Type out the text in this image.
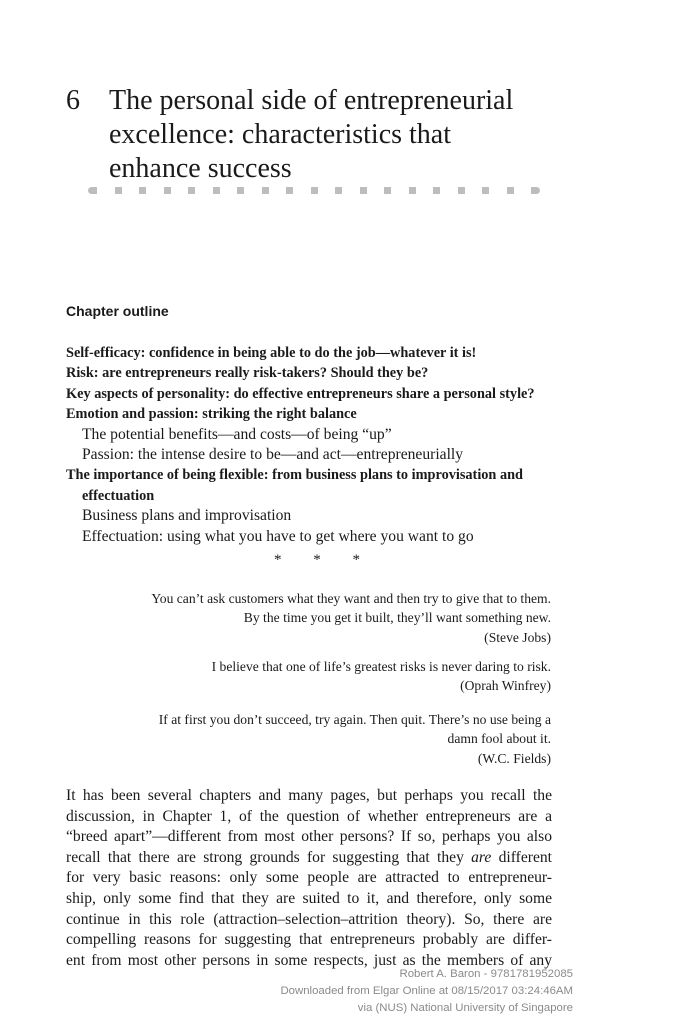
6 The personal side of entrepreneurial
excellence: characteristics that
enhance success
Chapter outline
Self-efficacy: confidence in being able to do the job—whatever it is!
Risk: are entrepreneurs really risk-takers? Should they be?
Key aspects of personality: do effective entrepreneurs share a personal style?
Emotion and passion: striking the right balance
The potential benefits—and costs—of being “up”
Passion: the intense desire to be—and act—entrepreneurially
The importance of being flexible: from business plans to improvisation and
effectuation
Business plans and improvisation
Effectuation: using what you have to get where you want to go
* * *
You can’t ask customers what they want and then try to give that to them.
By the time you get it built, they’ll want something new.
(Steve Jobs)
I believe that one of life’s greatest risks is never daring to risk.
(Oprah Winfrey)
If at first you don’t succeed, try again. Then quit. There’s no use being a
damn fool about it.
(W.C. Fields)
It has been several chapters and many pages, but perhaps you recall the
discussion, in Chapter 1, of the question of whether entrepreneurs are a
“breed apart”—different from most other persons? If so, perhaps you also
recall that there are strong grounds for suggesting that they are different
for very basic reasons: only some people are attracted to entrepreneur-
ship, only some find that they are suited to it, and therefore, only some
continue in this role (attraction–selection–attrition theory). So, there are
compelling reasons for suggesting that entrepreneurs probably are differ-
ent from most other persons in some respects, just as the members of any
Robert A. Baron - 9781781952085
Downloaded from Elgar Online at 08/15/2017 03:24:46AM
via (NUS) National University of Singapore
